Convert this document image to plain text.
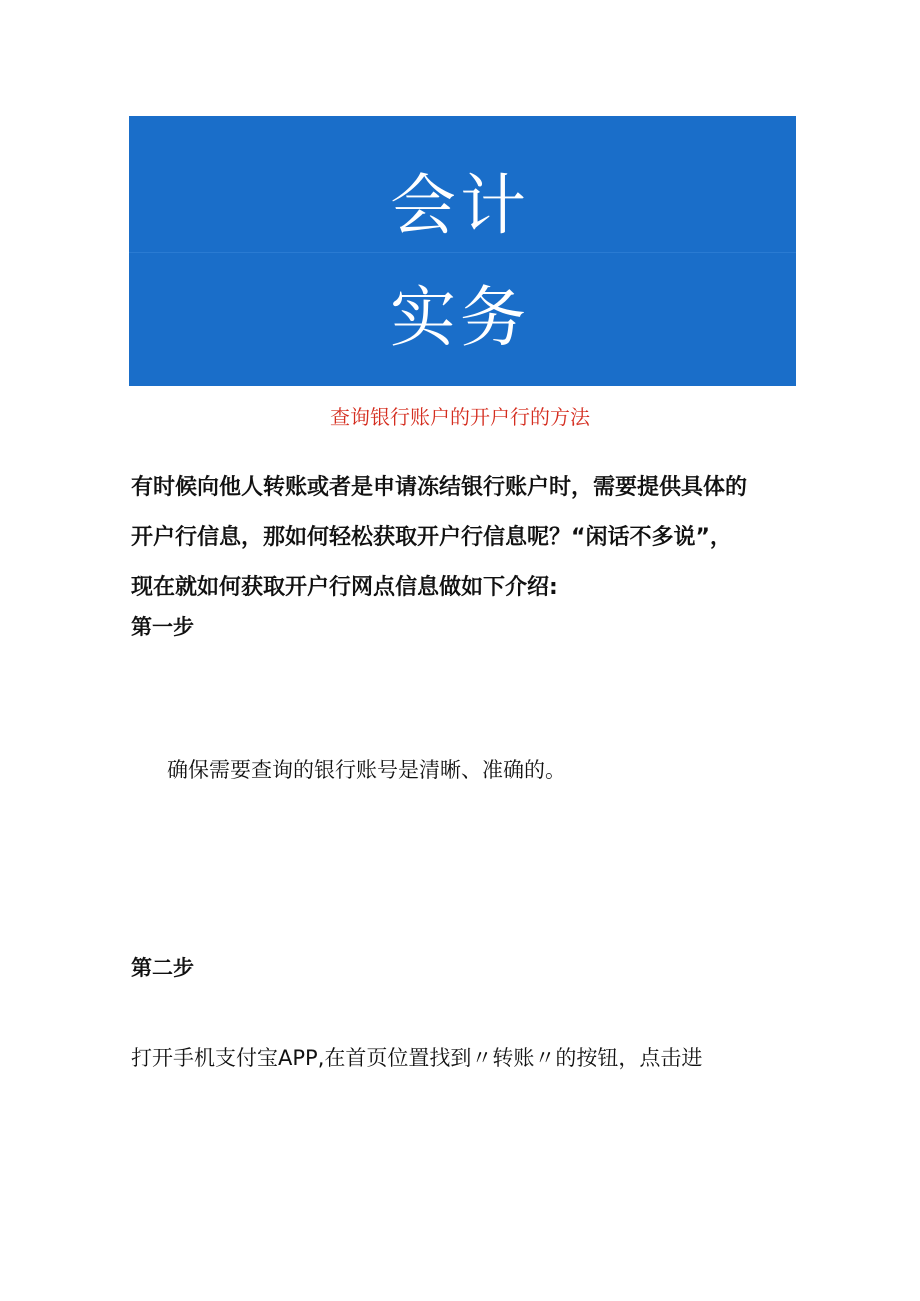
会计
实务
查询银行账户的开户行的方法
有时候向他人转账或者是申请冻结银行账户时，需要提供具体的
开户行信息，那如何轻松获取开户行信息呢？“闲话不多说”，
现在就如何获取开户行网点信息做如下介绍:
第一步
确保需要查询的银行账号是清晰、准确的。
第二步
打开手机支付宝APP,在首页位置找到〃转账〃的按钮，点击进
